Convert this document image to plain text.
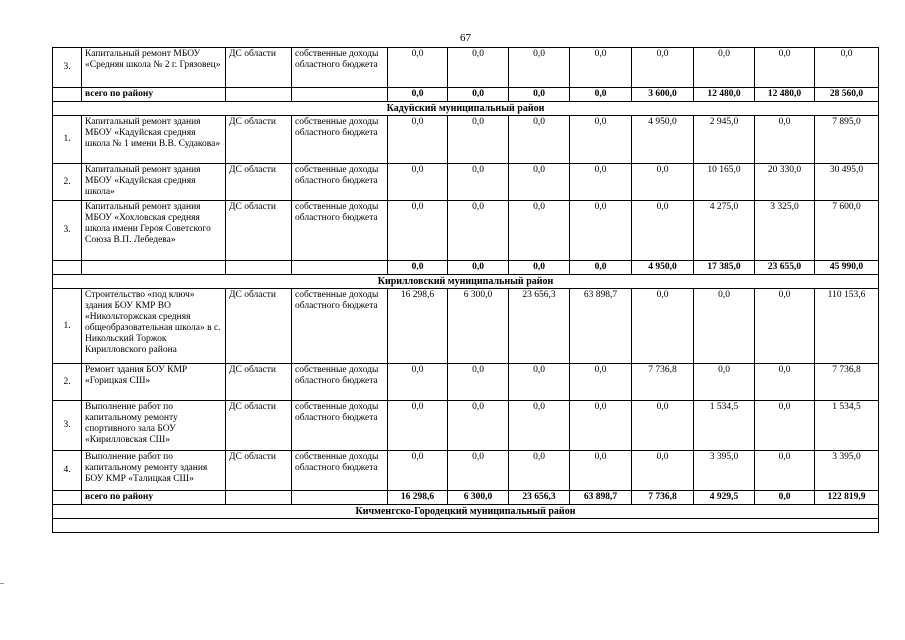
67
3.	Капитальный ремонт МБОУ «Средняя школа № 2 г. Грязовец»	ДС области	собственные доходы областного бюджета	0,0	0,0	0,0	0,0	0,0	0,0	0,0	0,0
	всего по району			0,0	0,0	0,0	0,0	3 600,0	12 480,0	12 480,0	28 560,0
Кадуйский муниципальный район											
1.	Капитальный ремонт здания МБОУ «Кадуйская средняя школа № 1 имени В.В. Судакова»	ДС области	собственные доходы областного бюджета	0,0	0,0	0,0	0,0	4 950,0	2 945,0	0,0	7 895,0
2.	Капитальный ремонт здания МБОУ «Кадуйская средняя школа»	ДС области	собственные доходы областного бюджета	0,0	0,0	0,0	0,0	0,0	10 165,0	20 330,0	30 495,0
3.	Капитальный ремонт здания МБОУ «Хохловская средняя школа имени Героя Советского Союза В.П. Лебедева»	ДС области	собственные доходы областного бюджета	0,0	0,0	0,0	0,0	0,0	4 275,0	3 325,0	7 600,0
				0,0	0,0	0,0	0,0	4 950,0	17 385,0	23 655,0	45 990,0
Кирилловский муниципальный район											
1.	Строительство «под ключ» здания БОУ КМР ВО «Никольторжская средняя общеобразовательная школа» в с. Никольский Торжок Кирилловского района	ДС области	собственные доходы областного бюджета	16 298,6	6 300,0	23 656,3	63 898,7	0,0	0,0	0,0	110 153,6
2.	Ремонт здания БОУ КМР «Горицкая СШ»	ДС области	собственные доходы областного бюджета	0,0	0,0	0,0	0,0	7 736,8	0,0	0,0	7 736,8
3.	Выполнение работ по капитальному ремонту спортивного зала БОУ «Кирилловская СШ»	ДС области	собственные доходы областного бюджета	0,0	0,0	0,0	0,0	0,0	1 534,5	0,0	1 534,5
4.	Выполнение работ по капитальному ремонту здания БОУ КМР «Талицкая СШ»	ДС области	собственные доходы областного бюджета	0,0	0,0	0,0	0,0	0,0	3 395,0	0,0	3 395,0
	всего по району			16 298,6	6 300,0	23 656,3	63 898,7	7 736,8	4 929,5	0,0	122 819,9
Кичменгско-Городецкий муниципальный район											

_
